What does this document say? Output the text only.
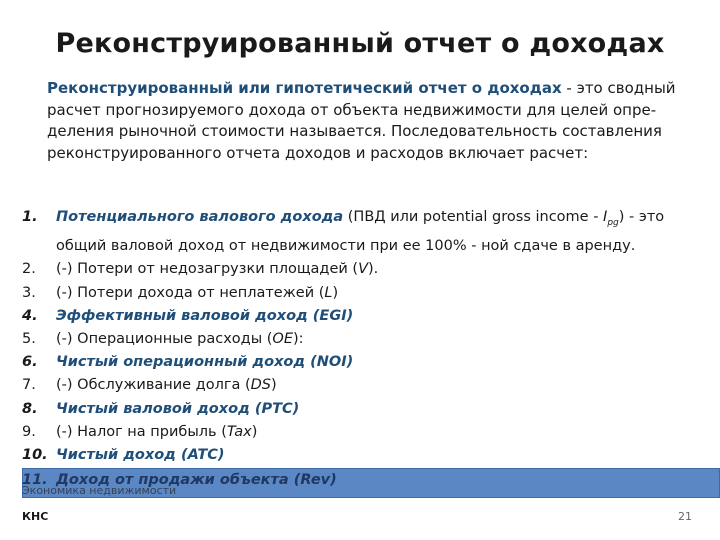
Реконструированный отчет о доходах
Реконструированный или гипотетический отчет о доходах - это сводный расчет прогнозируемого дохода от объекта недвижимости для целей опре-деления рыночной стоимости называется. Последовательность составления реконструированного отчета доходов и расходов включает расчет:
1.	Потенциального валового дохода (ПВД или potential gross income - $I_{pg}$) - это общий валовой доход от недвижимости при ее 100% - ной сдаче в аренду.
2.	(-) Потери от недозагрузки площадей (V).
3.	(-) Потери дохода от неплатежей (L)
4.	Эффективный валовой доход (EGI)
5.	(-) Операционные расходы (OE):
6.	Чистый операционный доход (NOI)
7.	(-) Обслуживание долга (DS)
8.	Чистый валовой доход (PTC)
9.	(-) Налог на прибыль (Tax)
10. Чистый доход (ATC)
11. Доход от продажи объекта (Rev)
Экономика недвижимости
КНС	21
